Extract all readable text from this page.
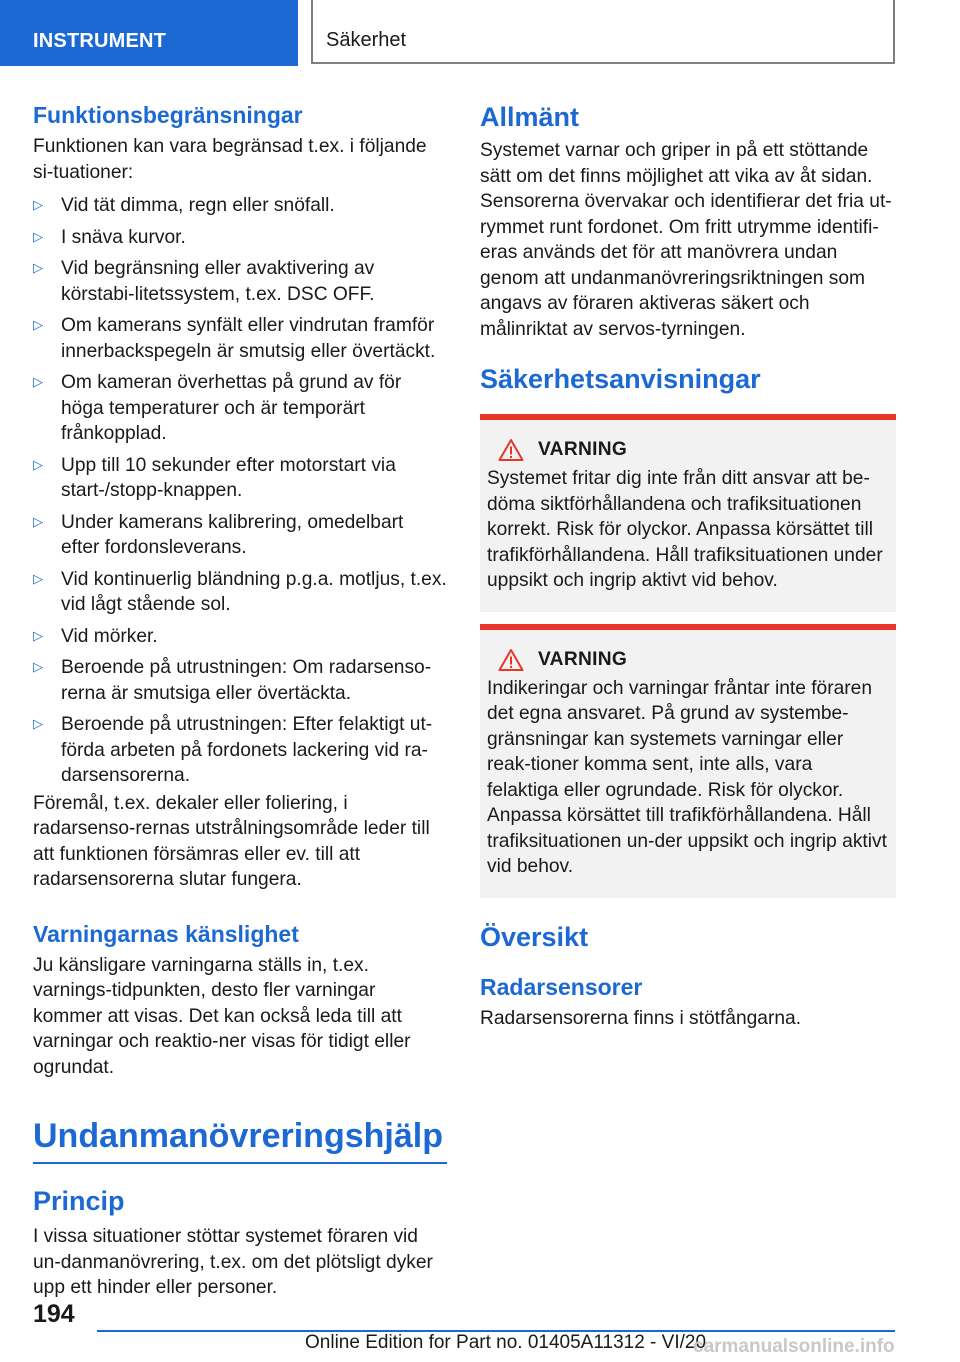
INSTRUMENT	Säkerhet
Funktionsbegränsningar

Funktionen kan vara begränsad t.ex. i följande si-tuationer:

▷ Vid tät dimma, regn eller snöfall.
▷ I snäva kurvor.
▷ Vid begränsning eller avaktivering av körstabi-litetssystem, t.ex. DSC OFF.
▷ Om kamerans synfält eller vindrutan framför innerbackspegeln är smutsig eller övertäckt.
▷ Om kameran överhettas på grund av för höga temperaturer och är temporärt frånkopplad.
▷ Upp till 10 sekunder efter motorstart via start-/stopp-knappen.
▷ Under kamerans kalibrering, omedelbart efter fordonsleverans.
▷ Vid kontinuerlig bländning p.g.a. motljus, t.ex. vid lågt stående sol.
▷ Vid mörker.
▷ Beroende på utrustningen: Om radarsenso-rerna är smutsiga eller övertäckta.
▷ Beroende på utrustningen: Efter felaktigt ut-förda arbeten på fordonets lackering vid ra-darsensorerna.

Föremål, t.ex. dekaler eller foliering, i radarsenso-rernas utstrålningsområde leder till att funktionen försämras eller ev. till att radarsensorerna slutar fungera.

Varningarnas känslighet

Ju känsligare varningarna ställs in, t.ex. varnings-tidpunkten, desto fler varningar kommer att visas. Det kan också leda till att varningar och reaktio-ner visas för tidigt eller ogrundat.

Undanmanövreringshjälp
Princip

I vissa situationer stöttar systemet föraren vid un-danmanövrering, t.ex. om det plötsligt dyker upp ett hinder eller personer.

Allmänt

Systemet varnar och griper in på ett stöttande sätt om det finns möjlighet att vika av åt sidan. Sensorerna övervakar och identifierar det fria ut-rymmet runt fordonet. Om fritt utrymme identifi-eras används det för att manövrera undan genom att undanmanövreringsriktningen som angavs av föraren aktiveras säkert och målinriktat av servos-tyrningen.

Säkerhetsanvisningar
VARNING

Systemet fritar dig inte från ditt ansvar att be-döma siktförhållandena och trafiksituationen korrekt. Risk för olyckor. Anpassa körsättet till trafikförhållandena. Håll trafiksituationen under uppsikt och ingrip aktivt vid behov.

VARNING

Indikeringar och varningar fråntar inte föraren det egna ansvaret. På grund av systembe-gränsningar kan systemets varningar eller reak-tioner komma sent, inte alls, vara felaktiga eller ogrundade. Risk för olyckor. Anpassa körsättet till trafikförhållandena. Håll trafiksituationen un-der uppsikt och ingrip aktivt vid behov.

Översikt
Radarsensorer

Radarsensorerna finns i stötfångarna.

194
Online Edition for Part no. 01405A11312 - VI/20
carmanualsonline.info
